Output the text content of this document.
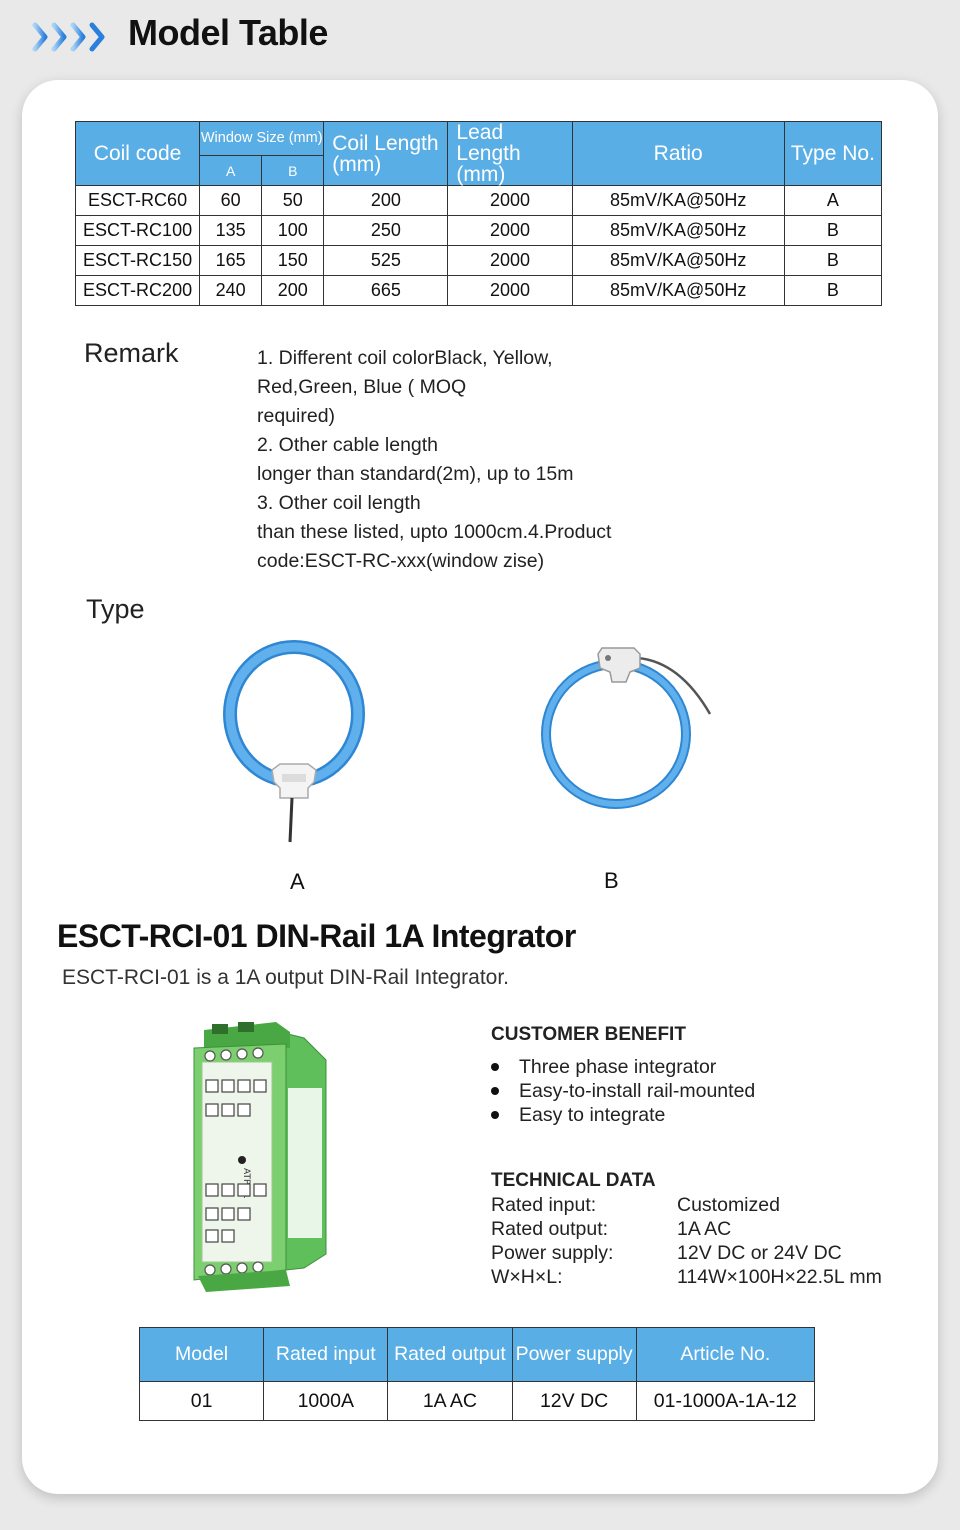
Model Table
Coil code	Window Size (mm)		Coil Length (mm)	Lead Length (mm)	Ratio	Type No.
	A	B				
ESCT-RC60	60	50	200	2000	85mV/KA@50Hz	A
ESCT-RC100	135	100	250	2000	85mV/KA@50Hz	B
ESCT-RC150	165	150	525	2000	85mV/KA@50Hz	B
ESCT-RC200	240	200	665	2000	85mV/KA@50Hz	B
Remark	1. Different coil colorBlack, Yellow,
Red,Green, Blue ( MOQ
required)
2. Other cable length
longer than standard(2m), up to 15m
3. Other coil length
than these listed, upto 1000cm.4.Product
code:ESCT-RC-xxx(window zise)
Type
A	B
ESCT-RCI-01 DIN-Rail 1A Integrator
ESCT-RCI-01 is a 1A output DIN-Rail Integrator.
CUSTOMER BENEFIT
Three phase integrator
Easy-to-install rail-mounted
Easy to integrate
TECHNICAL DATA
Rated input:	Customized
Rated output:	1A AC
Power supply:	12V DC or 24V DC
W×H×L:	114W×100H×22.5L mm
Model	Rated input	Rated output	Power supply	Article No.
01	1000A	1A AC	12V DC	01-1000A-1A-12
